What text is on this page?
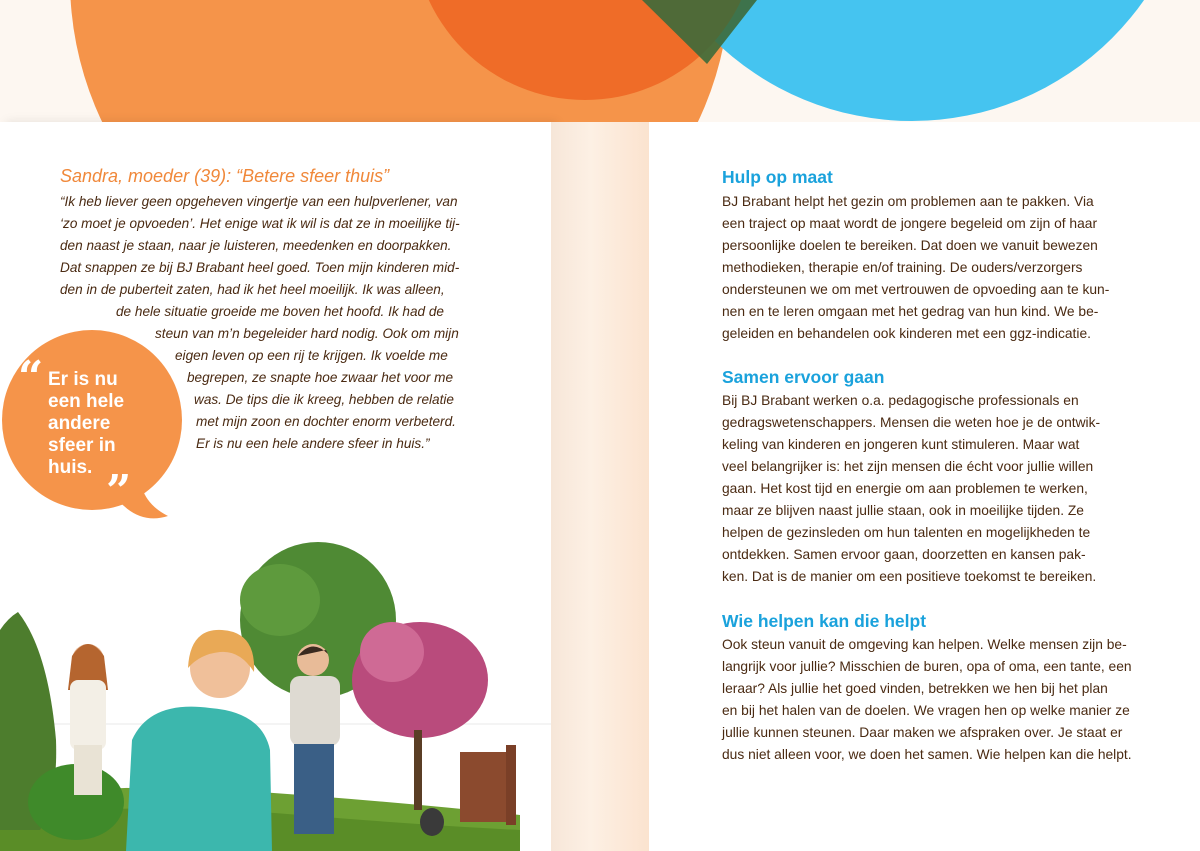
Sandra, moeder (39): “Betere sfeer thuis”
“Ik heb liever geen opgeheven vingertje van een hulpverlener, van
‘zo moet je opvoeden’. Het enige wat ik wil is dat ze in moeilijke tij-
den naast je staan, naar je luisteren, meedenken en doorpakken.
Dat snappen ze bij BJ Brabant heel goed. Toen mijn kinderen mid-
den in de puberteit zaten, had ik het heel moeilijk. Ik was alleen,
de hele situatie groeide me boven het hoofd. Ik had de
steun van m’n begeleider hard nodig. Ook om mijn
eigen leven op een rij te krijgen. Ik voelde me
begrepen, ze snapte hoe zwaar het voor me
was. De tips die ik kreeg, hebben de relatie
met mijn zoon en dochter enorm verbeterd.
Er is nu een hele andere sfeer in huis.”
“ Er is nu
een hele
andere
sfeer in
huis. ”
Hulp op maat
BJ Brabant helpt het gezin om problemen aan te pakken. Via
een traject op maat wordt de jongere begeleid om zijn of haar
persoonlijke doelen te bereiken. Dat doen we vanuit bewezen
methodieken, therapie en/of training. De ouders/verzorgers
ondersteunen we om met vertrouwen de opvoeding aan te kun-
nen en te leren omgaan met het gedrag van hun kind. We be-
geleiden en behandelen ook kinderen met een ggz-indicatie.
Samen ervoor gaan
Bij BJ Brabant werken o.a. pedagogische professionals en
gedragswetenschappers. Mensen die weten hoe je de ontwik-
keling van kinderen en jongeren kunt stimuleren. Maar wat
veel belangrijker is: het zijn mensen die écht voor jullie willen
gaan. Het kost tijd en energie om aan problemen te werken,
maar ze blijven naast jullie staan, ook in moeilijke tijden. Ze
helpen de gezinsleden om hun talenten en mogelijkheden te
ontdekken. Samen ervoor gaan, doorzetten en kansen pak-
ken. Dat is de manier om een positieve toekomst te bereiken.
Wie helpen kan die helpt
Ook steun vanuit de omgeving kan helpen. Welke mensen zijn be-
langrijk voor jullie? Misschien de buren, opa of oma, een tante, een
leraar? Als jullie het goed vinden, betrekken we hen bij het plan
en bij het halen van de doelen. We vragen hen op welke manier ze
jullie kunnen steunen. Daar maken we afspraken over. Je staat er
dus niet alleen voor, we doen het samen. Wie helpen kan die helpt.
